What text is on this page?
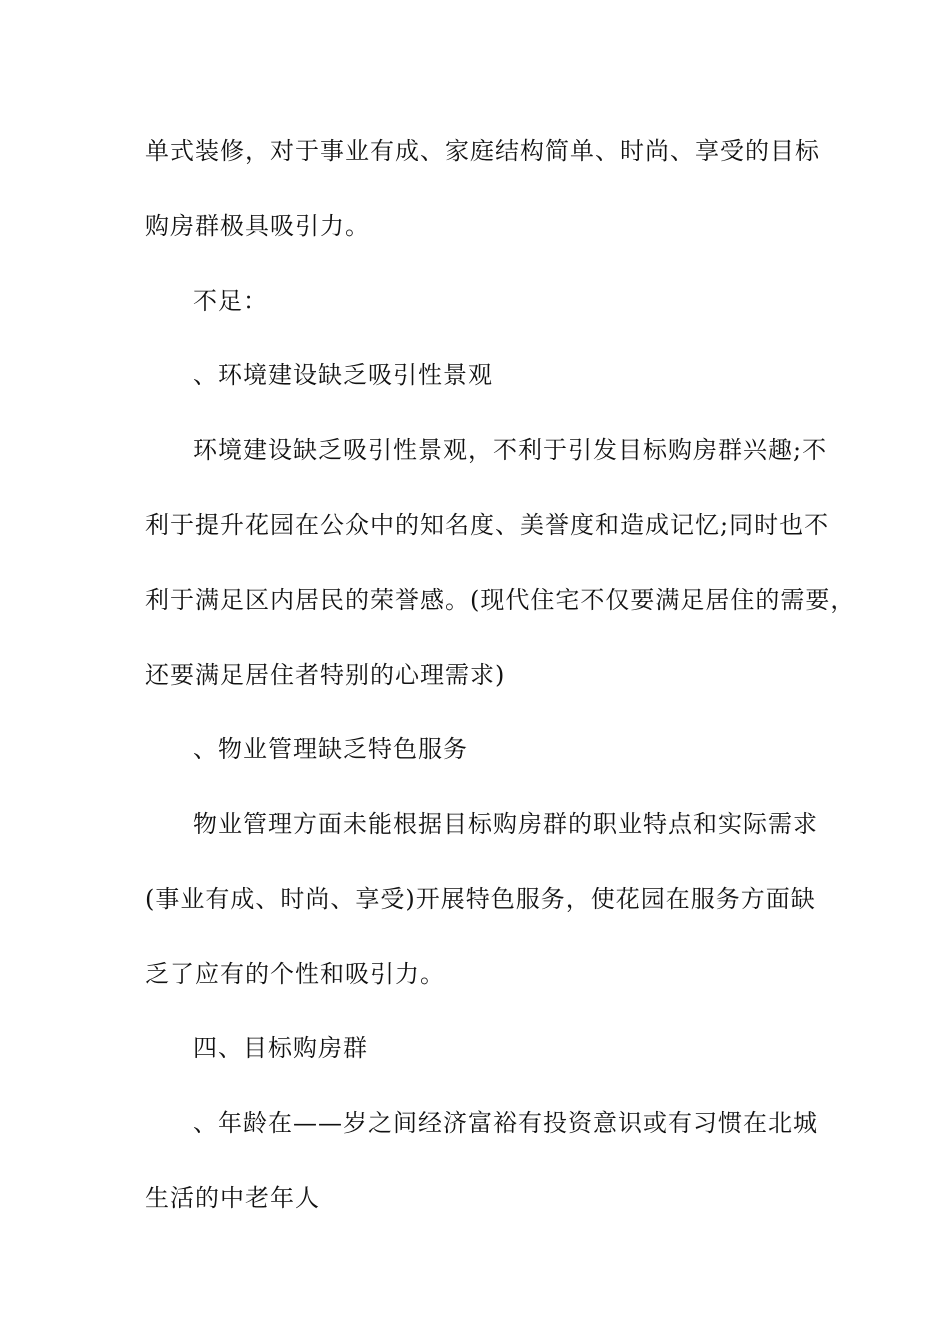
单式装修，对于事业有成、家庭结构简单、时尚、享受的目标
购房群极具吸引力。
不足：
、环境建设缺乏吸引性景观
环境建设缺乏吸引性景观，不利于引发目标购房群兴趣;不
利于提升花园在公众中的知名度、美誉度和造成记忆;同时也不
利于满足区内居民的荣誉感。(现代住宅不仅要满足居住的需要，
还要满足居住者特别的心理需求)
、物业管理缺乏特色服务
物业管理方面未能根据目标购房群的职业特点和实际需求
(事业有成、时尚、享受)开展特色服务，使花园在服务方面缺
乏了应有的个性和吸引力。
四、目标购房群
、年龄在——岁之间经济富裕有投资意识或有习惯在北城
生活的中老年人
